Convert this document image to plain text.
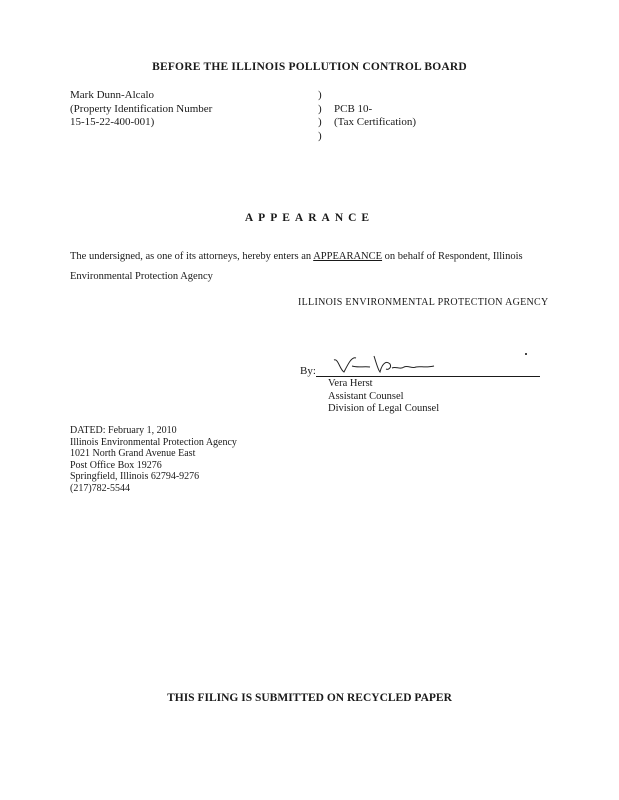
BEFORE THE ILLINOIS POLLUTION CONTROL BOARD
Mark Dunn-Alcalo
(Property Identification Number
15-15-22-400-001)
)
)	PCB 10-
)	(Tax Certification)
)
APPEARANCE
The undersigned, as one of its attorneys, hereby enters an APPEARANCE on behalf of Respondent, Illinois Environmental Protection Agency
ILLINOIS ENVIRONMENTAL PROTECTION AGENCY
By:
Vera Herst
Assistant Counsel
Division of Legal Counsel
DATED: February 1, 2010
Illinois Environmental Protection Agency
1021 North Grand Avenue East
Post Office Box 19276
Springfield, Illinois 62794-9276
(217)782-5544
THIS FILING IS SUBMITTED ON RECYCLED PAPER
